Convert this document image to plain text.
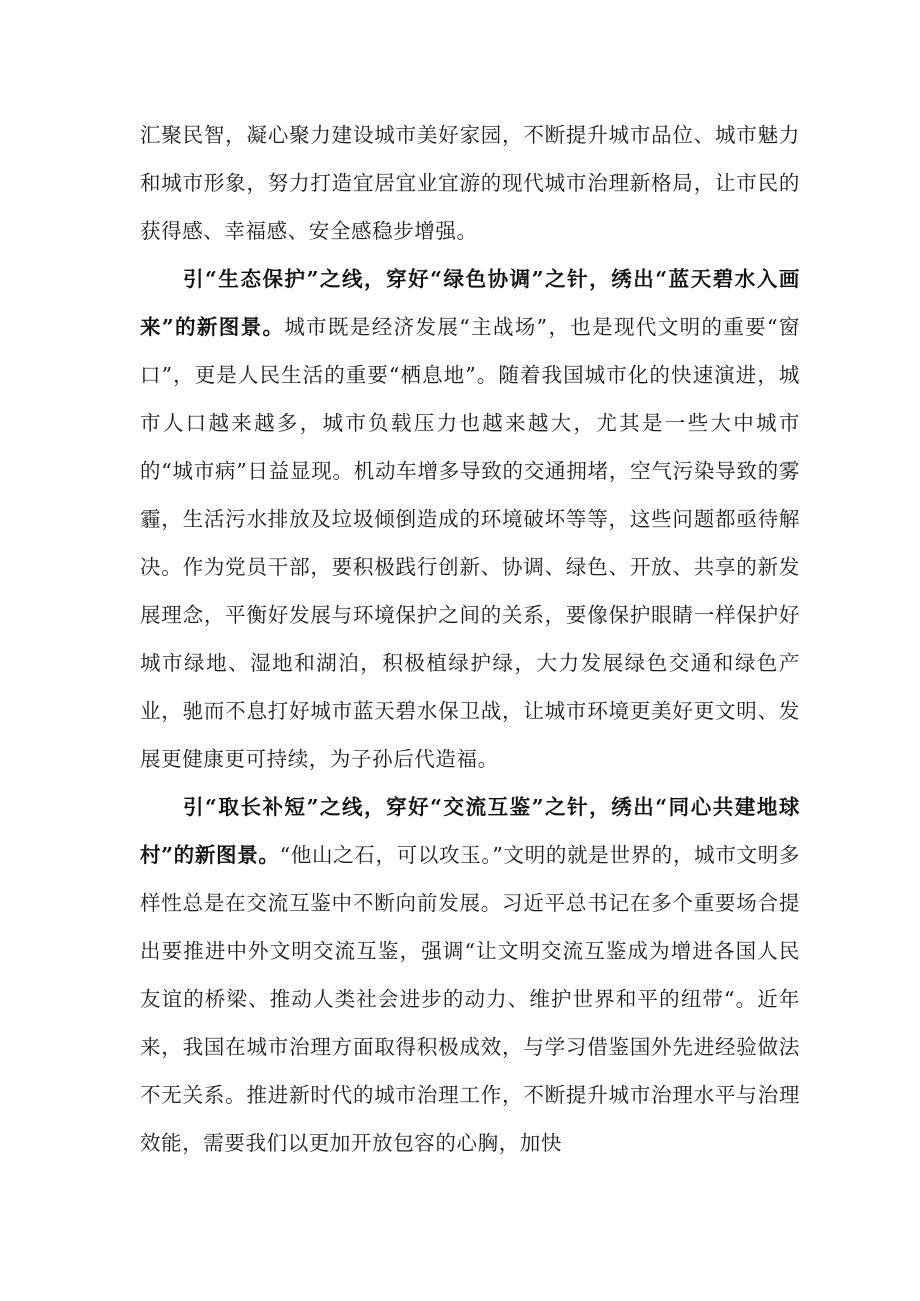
汇聚民智，凝心聚力建设城市美好家园，不断提升城市品位、城市魅力和城市形象，努力打造宜居宜业宜游的现代城市治理新格局，让市民的获得感、幸福感、安全感稳步增强。

引“生态保护”之线，穿好“绿色协调”之针，绣出“蓝天碧水入画来”的新图景。城市既是经济发展“主战场”，也是现代文明的重要“窗口”，更是人民生活的重要“栖息地”。随着我国城市化的快速演进，城市人口越来越多，城市负载压力也越来越大，尤其是一些大中城市的“城市病”日益显现。机动车增多导致的交通拥堵，空气污染导致的雾霾，生活污水排放及垃圾倾倒造成的环境破坏等等，这些问题都亟待解决。作为党员干部，要积极践行创新、协调、绿色、开放、共享的新发展理念，平衡好发展与环境保护之间的关系，要像保护眼睛一样保护好城市绿地、湿地和湖泊，积极植绿护绿，大力发展绿色交通和绿色产业，驰而不息打好城市蓝天碧水保卫战，让城市环境更美好更文明、发展更健康更可持续，为子孙后代造福。

引“取长补短”之线，穿好“交流互鉴”之针，绣出“同心共建地球村”的新图景。“他山之石，可以攻玉。”文明的就是世界的，城市文明多样性总是在交流互鉴中不断向前发展。习近平总书记在多个重要场合提出要推进中外文明交流互鉴，强调“让文明交流互鉴成为增进各国人民友谊的桥梁、推动人类社会进步的动力、维护世界和平的纽带“。近年来，我国在城市治理方面取得积极成效，与学习借鉴国外先进经验做法不无关系。推进新时代的城市治理工作，不断提升城市治理水平与治理效能，需要我们以更加开放包容的心胸，加快
